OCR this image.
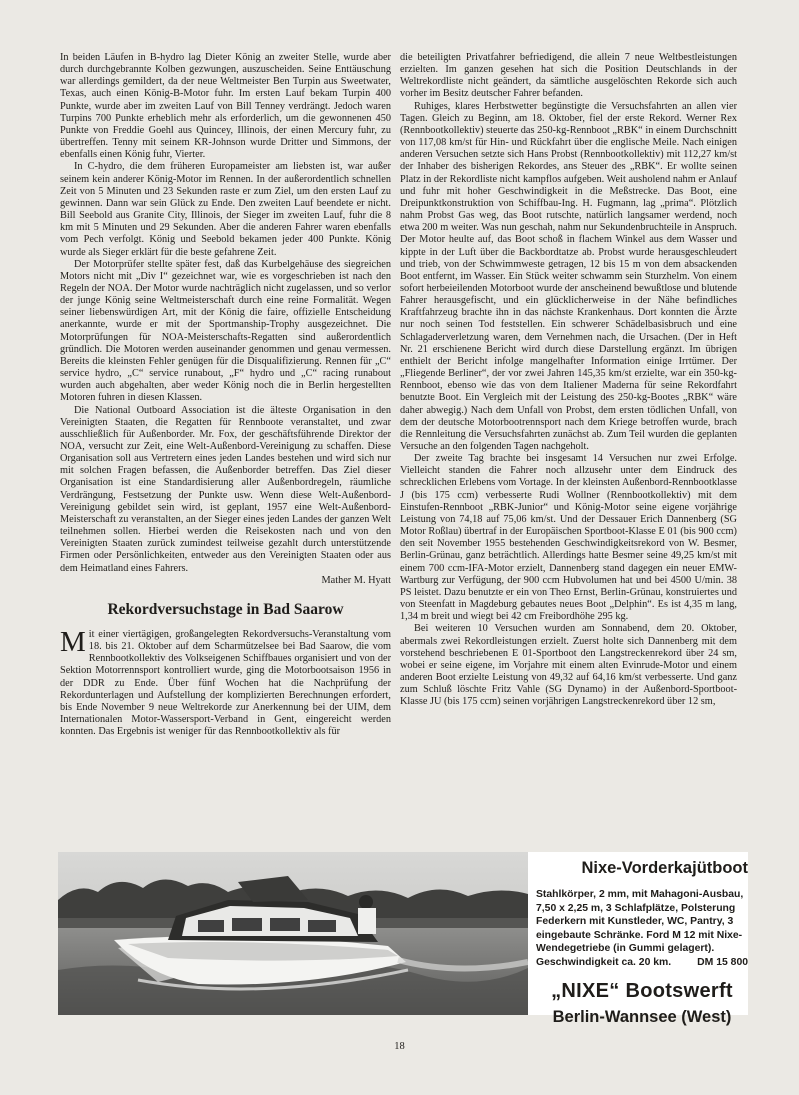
In beiden Läufen in B-hydro lag Dieter König an zweiter Stelle, wurde aber durch durchgebrannte Kolben gezwungen, auszuscheiden. Seine Enttäuschung war allerdings gemildert, da der neue Weltmeister Ben Turpin aus Sweetwater, Texas, auch einen König-B-Motor fuhr. Im ersten Lauf bekam Turpin 400 Punkte, wurde aber im zweiten Lauf von Bill Tenney verdrängt. Jedoch waren Turpins 700 Punkte erheblich mehr als erforderlich, um die gewonnenen 450 Punkte von Freddie Goehl aus Quincey, Illinois, der einen Mercury fuhr, zu übertreffen. Tenny mit seinem KR-Johnson wurde Dritter und Simmons, der ebenfalls einen König fuhr, Vierter.

In C-hydro, die dem früheren Europameister am liebsten ist, war außer seinem kein anderer König-Motor im Rennen. In der außerordentlich schnellen Zeit von 5 Minuten und 23 Sekunden raste er zum Ziel, um den ersten Lauf zu gewinnen. Dann war sein Glück zu Ende. Den zweiten Lauf beendete er nicht. Bill Seebold aus Granite City, Illinois, der Sieger im zweiten Lauf, fuhr die 8 km mit 5 Minuten und 29 Sekunden. Aber die anderen Fahrer waren ebenfalls vom Pech verfolgt. König und Seebold bekamen jeder 400 Punkte. König wurde als Sieger erklärt für die beste gefahrene Zeit.

Der Motorprüfer stellte später fest, daß das Kurbelgehäuse des siegreichen Motors nicht mit „Div I“ gezeichnet war, wie es vorgeschrieben ist nach den Regeln der NOA. Der Motor wurde nachträglich nicht zugelassen, und so verlor der junge König seine Weltmeisterschaft durch eine reine Formalität. Wegen seiner liebenswürdigen Art, mit der König die faire, offizielle Entscheidung anerkannte, wurde er mit der Sportmanship-Trophy ausgezeichnet. Die Motorprüfungen für NOA-Meisterschafts-Regatten sind außerordentlich gründlich. Die Motoren werden auseinander genommen und genau vermessen. Bereits die kleinsten Fehler genügen für die Disqualifizierung. Rennen für „C“ service hydro, „C“ service runabout, „F“ hydro und „C“ racing runabout wurden auch abgehalten, aber weder König noch die in Berlin hergestellten Motoren fuhren in diesen Klassen.

Die National Outboard Association ist die älteste Organisation in den Vereinigten Staaten, die Regatten für Rennboote veranstaltet, und zwar ausschließlich für Außenborder. Mr. Fox, der geschäftsführende Direktor der NOA, versucht zur Zeit, eine Welt-Außenbord-Vereinigung zu schaffen. Diese Organisation soll aus Vertretern eines jeden Landes bestehen und wird sich nur mit solchen Fragen befassen, die Außenborder betreffen. Das Ziel dieser Organisation ist eine Standardisierung aller Außenbordregeln, räumliche Verdrängung, Festsetzung der Punkte usw. Wenn diese Welt-Außenbord-Vereinigung gebildet sein wird, ist geplant, 1957 eine Welt-Außenbord-Meisterschaft zu veranstalten, an der Sieger eines jeden Landes der ganzen Welt teilnehmen sollen. Hierbei werden die Reisekosten nach und von den Vereinigten Staaten zurück zumindest teilweise gezahlt durch unterstützende Firmen oder Persönlichkeiten, entweder aus den Vereinigten Staaten oder aus dem Heimatland eines Fahrers.

Mather M. Hyatt
Rekordversuchstage in Bad Saarow

Mit einer viertägigen, großangelegten Rekordversuchs-Veranstaltung vom 18. bis 21. Oktober auf dem Scharmützelsee bei Bad Saarow, die vom Rennbootkollektiv des Volkseigenen Schiffbaues organisiert und von der Sektion Motorrennsport kontrolliert wurde, ging die Motorbootsaison 1956 in der DDR zu Ende. Über fünf Wochen hat die Nachprüfung der Rekordunterlagen und Aufstellung der komplizierten Berechnungen erfordert, bis Ende November 9 neue Weltrekorde zur Anerkennung bei der UIM, dem Internationalen Motor-Wassersport-Verband in Gent, eingereicht werden konnten. Das Ergebnis ist weniger für das Rennbootkollektiv als für

die beteiligten Privatfahrer befriedigend, die allein 7 neue Weltbestleistungen erzielten. Im ganzen gesehen hat sich die Position Deutschlands in der Weltrekordliste nicht geändert, da sämtliche ausgelöschten Rekorde sich auch vorher im Besitz deutscher Fahrer befanden.

Ruhiges, klares Herbstwetter begünstigte die Versuchsfahrten an allen vier Tagen. Gleich zu Beginn, am 18. Oktober, fiel der erste Rekord. Werner Rex (Rennbootkollektiv) steuerte das 250-kg-Rennboot „RBK“ in einem Durchschnitt von 117,08 km/st für Hin- und Rückfahrt über die englische Meile. Nach einigen anderen Versuchen setzte sich Hans Probst (Rennbootkollektiv) mit 112,27 km/st der Inhaber des bisherigen Rekordes, ans Steuer des „RBK“. Er wollte seinen Platz in der Rekordliste nicht kampflos aufgeben. Weit ausholend nahm er Anlauf und fuhr mit hoher Geschwindigkeit in die Meßstrecke. Das Boot, eine Dreipunktkonstruktion von Schiffbau-Ing. H. Fugmann, lag „prima“. Plötzlich nahm Probst Gas weg, das Boot rutschte, natürlich langsamer werdend, noch etwa 200 m weiter. Was nun geschah, nahm nur Sekundenbruchteile in Anspruch. Der Motor heulte auf, das Boot schoß in flachem Winkel aus dem Wasser und kippte in der Luft über die Backbordtatze ab. Probst wurde herausgeschleudert und trieb, von der Schwimmweste getragen, 12 bis 15 m von dem absackenden Boot entfernt, im Wasser. Ein Stück weiter schwamm sein Sturzhelm. Von einem sofort herbeieilenden Motorboot wurde der anscheinend bewußtlose und blutende Fahrer herausgefischt, und ein glücklicherweise in der Nähe befindliches Kraftfahrzeug brachte ihn in das nächste Krankenhaus. Dort konnten die Ärzte nur noch seinen Tod feststellen. Ein schwerer Schädelbasisbruch und eine Schlagaderverletzung waren, dem Vernehmen nach, die Ursachen. (Der in Heft Nr. 21 erschienene Bericht wird durch diese Darstellung ergänzt. Im übrigen enthielt der Bericht infolge mangelhafter Information einige Irrtümer. Der „Fliegende Berliner“, der vor zwei Jahren 145,35 km/st erzielte, war ein 350-kg-Rennboot, ebenso wie das von dem Italiener Maderna für seine Rekordfahrt benutzte Boot. Ein Vergleich mit der Leistung des 250-kg-Bootes „RBK“ wäre daher abwegig.) Nach dem Unfall von Probst, dem ersten tödlichen Unfall, von dem der deutsche Motorbootrennsport nach dem Kriege betroffen wurde, brach die Rennleitung die Versuchsfahrten zunächst ab. Zum Teil wurden die geplanten Versuche an den folgenden Tagen nachgeholt.

Der zweite Tag brachte bei insgesamt 14 Versuchen nur zwei Erfolge. Vielleicht standen die Fahrer noch allzusehr unter dem Eindruck des schrecklichen Erlebens vom Vortage. In der kleinsten Außenbord-Rennbootklasse J (bis 175 ccm) verbesserte Rudi Wollner (Rennbootkollektiv) mit dem Einstufen-Rennboot „RBK-Junior“ und König-Motor seine eigene vorjährige Leistung von 74,18 auf 75,06 km/st. Und der Dessauer Erich Dannenberg (SG Motor Roßlau) übertraf in der Europäischen Sportboot-Klasse E 01 (bis 900 ccm) den seit November 1955 bestehenden Geschwindigkeitsrekord von W. Besmer, Berlin-Grünau, ganz beträchtlich. Allerdings hatte Besmer seine 49,25 km/st mit einem 700 ccm-IFA-Motor erzielt, Dannenberg stand dagegen ein neuer EMW-Wartburg zur Verfügung, der 900 ccm Hubvolumen hat und bei 4500 U/min. 38 PS leistet. Dazu benutzte er ein von Theo Ernst, Berlin-Grünau, konstruiertes und von Steenfatt in Magdeburg gebautes neues Boot „Delphin“. Es ist 4,35 m lang, 1,34 m breit und wiegt bei 42 cm Freibordhöhe 295 kg.

Bei weiteren 10 Versuchen wurden am Sonnabend, dem 20. Oktober, abermals zwei Rekordleistungen erzielt. Zuerst holte sich Dannenberg mit dem vorstehend beschriebenen E 01-Sportboot den Langstreckenrekord über 24 sm, wobei er seine eigene, im Vorjahre mit einem alten Evinrude-Motor und einem anderen Boot erzielte Leistung von 49,32 auf 64,16 km/st verbesserte. Und ganz zum Schluß löschte Fritz Vahle (SG Dynamo) in der Außenbord-Sportboot-Klasse JU (bis 175 ccm) seinen vorjährigen Langstreckenrekord über 12 sm,

Nixe-Vorderkajütboot
Stahlkörper, 2 mm, mit Mahagoni-Ausbau, 7,50 x 2,25 m, 3 Schlafplätze, Polsterung Federkern mit Kunstleder, WC, Pantry, 3 eingebaute Schränke. Ford M 12 mit Nixe-Wendegetriebe (in Gummi gelagert). Geschwindigkeit ca. 20 km.	DM 15 800
„NIXE“ Bootswerft
Berlin-Wannsee (West)
18
